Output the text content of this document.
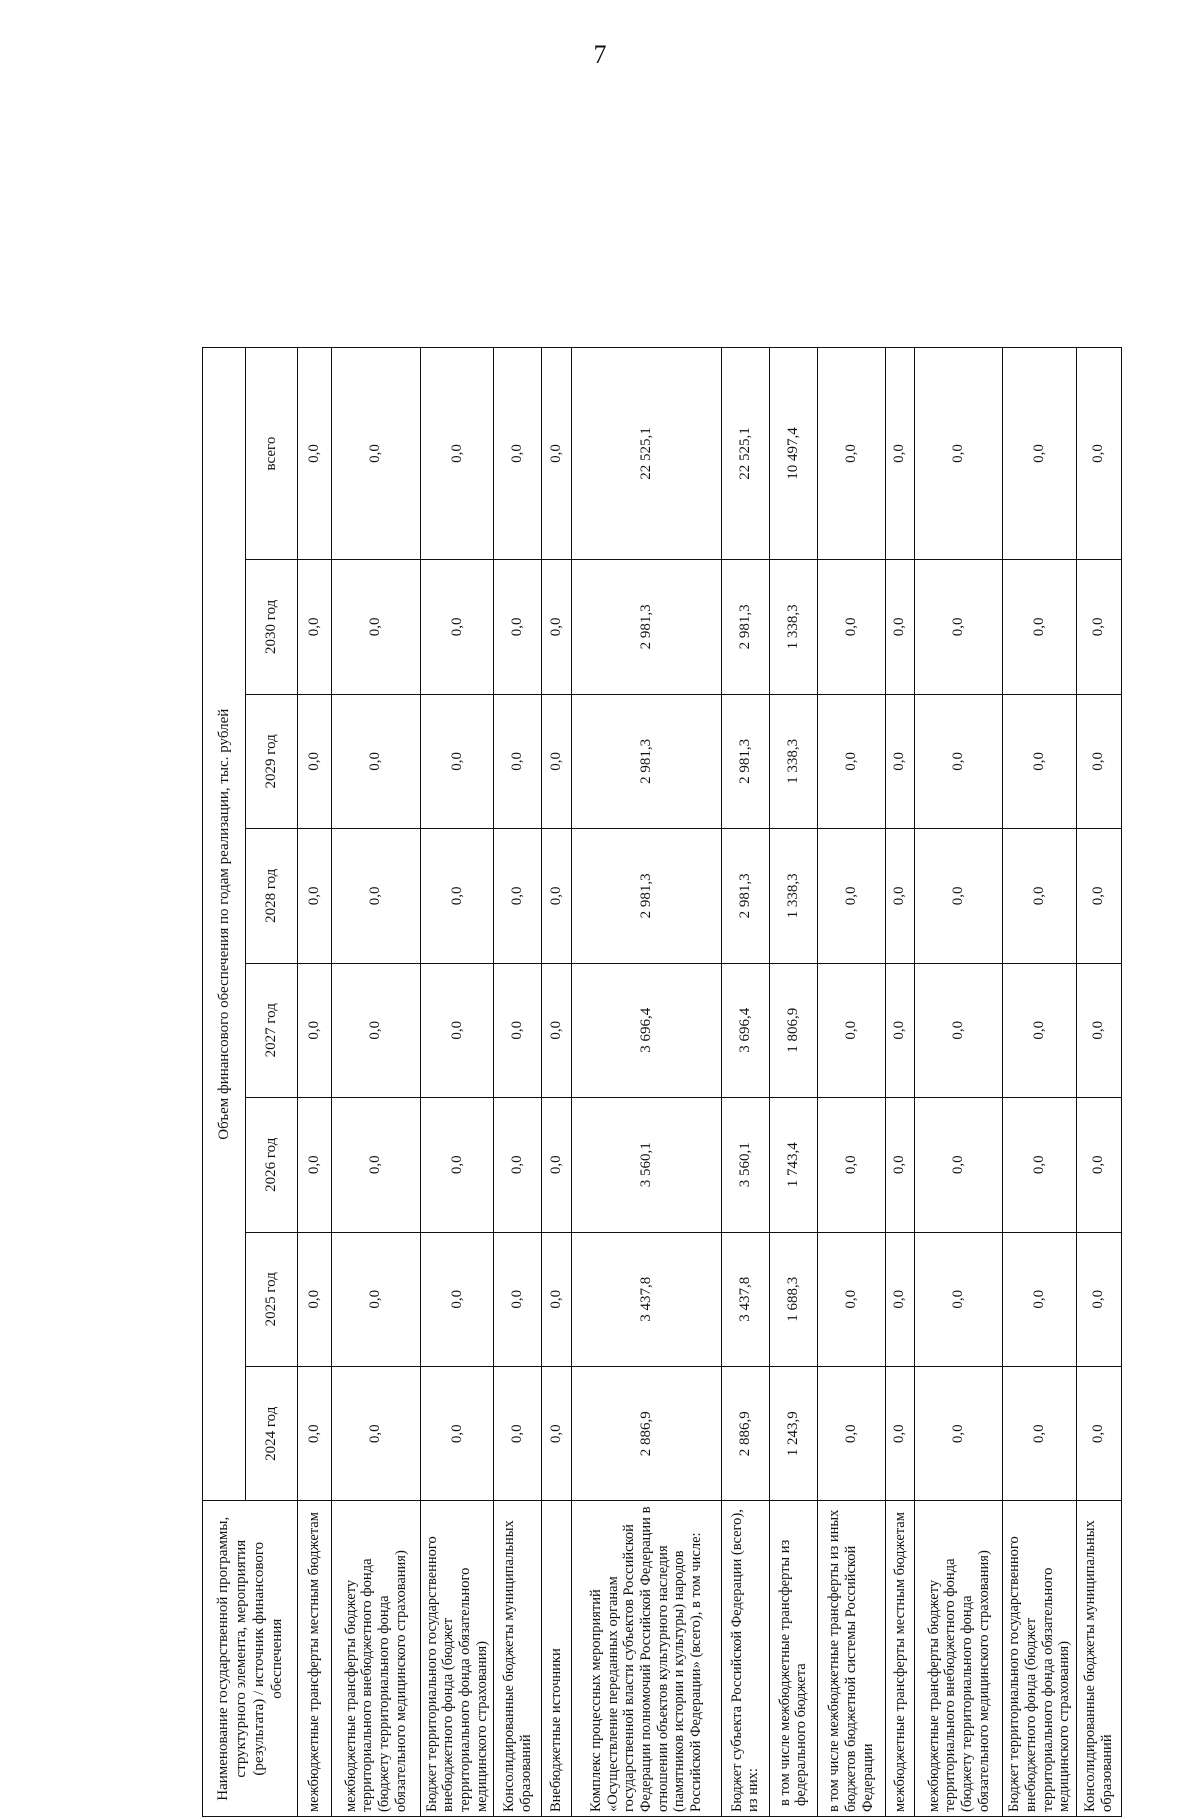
7
Наименование государственной программы, структурного элемента, мероприятия (результата) / источник финансового обеспечения	Объем финансового обеспечения по годам реализации, тыс. рублей							
	2024 год	2025 год	2026 год	2027 год	2028 год	2029 год	2030 год	всего
межбюджетные трансферты местным бюджетам	0,0	0,0	0,0	0,0	0,0	0,0	0,0	0,0
межбюджетные трансферты бюджету территориального внебюджетного фонда (бюджету территориального фонда обязательного медицинского страхования)	0,0	0,0	0,0	0,0	0,0	0,0	0,0	0,0
Бюджет территориального государственного внебюджетного фонда (бюджет территориального фонда обязательного медицинского страхования)	0,0	0,0	0,0	0,0	0,0	0,0	0,0	0,0
Консолидированные бюджеты муниципальных образований	0,0	0,0	0,0	0,0	0,0	0,0	0,0	0,0
Внебюджетные источники	0,0	0,0	0,0	0,0	0,0	0,0	0,0	0,0
Комплекс процессных мероприятий «Осуществление переданных органам государственной власти субъектов Российской Федерации полномочий Российской Федерации в отношении объектов культурного наследия (памятников истории и культуры) народов Российской Федерации» (всего), в том числе:	2 886,9	3 437,8	3 560,1	3 696,4	2 981,3	2 981,3	2 981,3	22 525,1
Бюджет субъекта Российской Федерации (всего), из них:	2 886,9	3 437,8	3 560,1	3 696,4	2 981,3	2 981,3	2 981,3	22 525,1
в том числе межбюджетные трансферты из федерального бюджета	1 243,9	1 688,3	1 743,4	1 806,9	1 338,3	1 338,3	1 338,3	10 497,4
в том числе межбюджетные трансферты из иных бюджетов бюджетной системы Российской Федерации	0,0	0,0	0,0	0,0	0,0	0,0	0,0	0,0
межбюджетные трансферты местным бюджетам	0,0	0,0	0,0	0,0	0,0	0,0	0,0	0,0
межбюджетные трансферты бюджету территориального внебюджетного фонда (бюджету территориального фонда обязательного медицинского страхования)	0,0	0,0	0,0	0,0	0,0	0,0	0,0	0,0
Бюджет территориального государственного внебюджетного фонда (бюджет территориального фонда обязательного медицинского страхования)	0,0	0,0	0,0	0,0	0,0	0,0	0,0	0,0
Консолидированные бюджеты муниципальных образований	0,0	0,0	0,0	0,0	0,0	0,0	0,0	0,0
